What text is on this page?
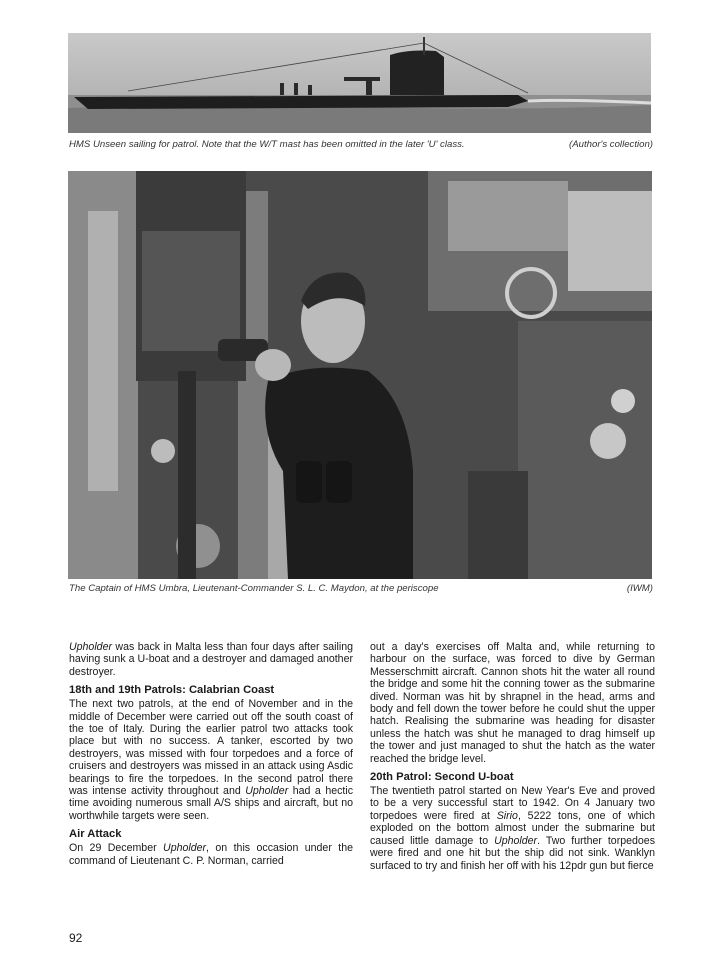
HMS Unseen sailing for patrol. Note that the W/T mast has been omitted in the later 'U' class.	(Author's collection)
The Captain of HMS Umbra, Lieutenant-Commander S. L. C. Maydon, at the periscope	(IWM)

Upholder was back in Malta less than four days after sailing having sunk a U-boat and a destroyer and damaged another destroyer.

18th and 19th Patrols: Calabrian Coast

The next two patrols, at the end of November and in the middle of December were carried out off the south coast of the toe of Italy. During the earlier patrol two attacks took place but with no success. A tanker, escorted by two destroyers, was missed with four torpedoes and a force of cruisers and destroyers was missed in an attack using Asdic bearings to fire the torpedoes. In the second patrol there was intense activity throughout and Upholder had a hectic time avoiding numerous small A/S ships and aircraft, but no worthwhile targets were seen.

Air Attack

On 29 December Upholder, on this occasion under the command of Lieutenant C. P. Norman, carried

out a day's exercises off Malta and, while returning to harbour on the surface, was forced to dive by German Messerschmitt aircraft. Cannon shots hit the water all round the bridge and some hit the conning tower as the submarine dived. Norman was hit by shrapnel in the head, arms and body and fell down the tower before he could shut the upper hatch. Realising the submarine was heading for disaster unless the hatch was shut he managed to drag himself up the tower and just managed to shut the hatch as the water reached the bridge level.

20th Patrol: Second U-boat

The twentieth patrol started on New Year's Eve and proved to be a very successful start to 1942. On 4 January two torpedoes were fired at Sirio, 5222 tons, one of which exploded on the bottom almost under the submarine but caused little damage to Upholder. Two further torpedoes were fired and one hit but the ship did not sink. Wanklyn surfaced to try and finish her off with his 12pdr gun but fierce

92
